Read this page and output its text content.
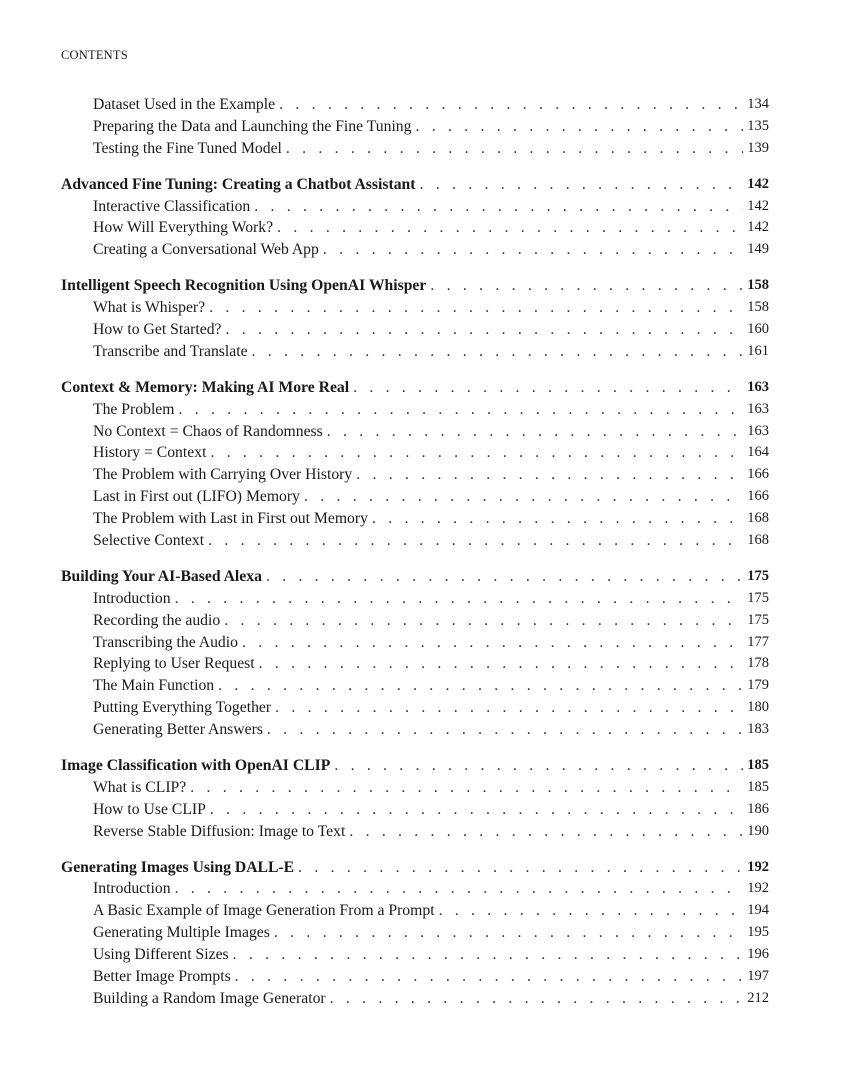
CONTENTS
Dataset Used in the Example . . .	134
Preparing the Data and Launching the Fine Tuning . . .	135
Testing the Fine Tuned Model . . .	139
Advanced Fine Tuning: Creating a Chatbot Assistant . . .	142
Interactive Classification . . .	142
How Will Everything Work? . . .	142
Creating a Conversational Web App . . .	149
Intelligent Speech Recognition Using OpenAI Whisper . . .	158
What is Whisper? . . .	158
How to Get Started? . . .	160
Transcribe and Translate . . .	161
Context & Memory: Making AI More Real . . .	163
The Problem . . .	163
No Context = Chaos of Randomness . . .	163
History = Context . . .	164
The Problem with Carrying Over History . . .	166
Last in First out (LIFO) Memory . . .	166
The Problem with Last in First out Memory . . .	168
Selective Context . . .	168
Building Your AI-Based Alexa . . .	175
Introduction . . .	175
Recording the audio . . .	175
Transcribing the Audio . . .	177
Replying to User Request . . .	178
The Main Function . . .	179
Putting Everything Together . . .	180
Generating Better Answers . . .	183
Image Classification with OpenAI CLIP . . .	185
What is CLIP? . . .	185
How to Use CLIP . . .	186
Reverse Stable Diffusion: Image to Text . . .	190
Generating Images Using DALL-E . . .	192
Introduction . . .	192
A Basic Example of Image Generation From a Prompt . . .	194
Generating Multiple Images . . .	195
Using Different Sizes . . .	196
Better Image Prompts . . .	197
Building a Random Image Generator . . .	212
